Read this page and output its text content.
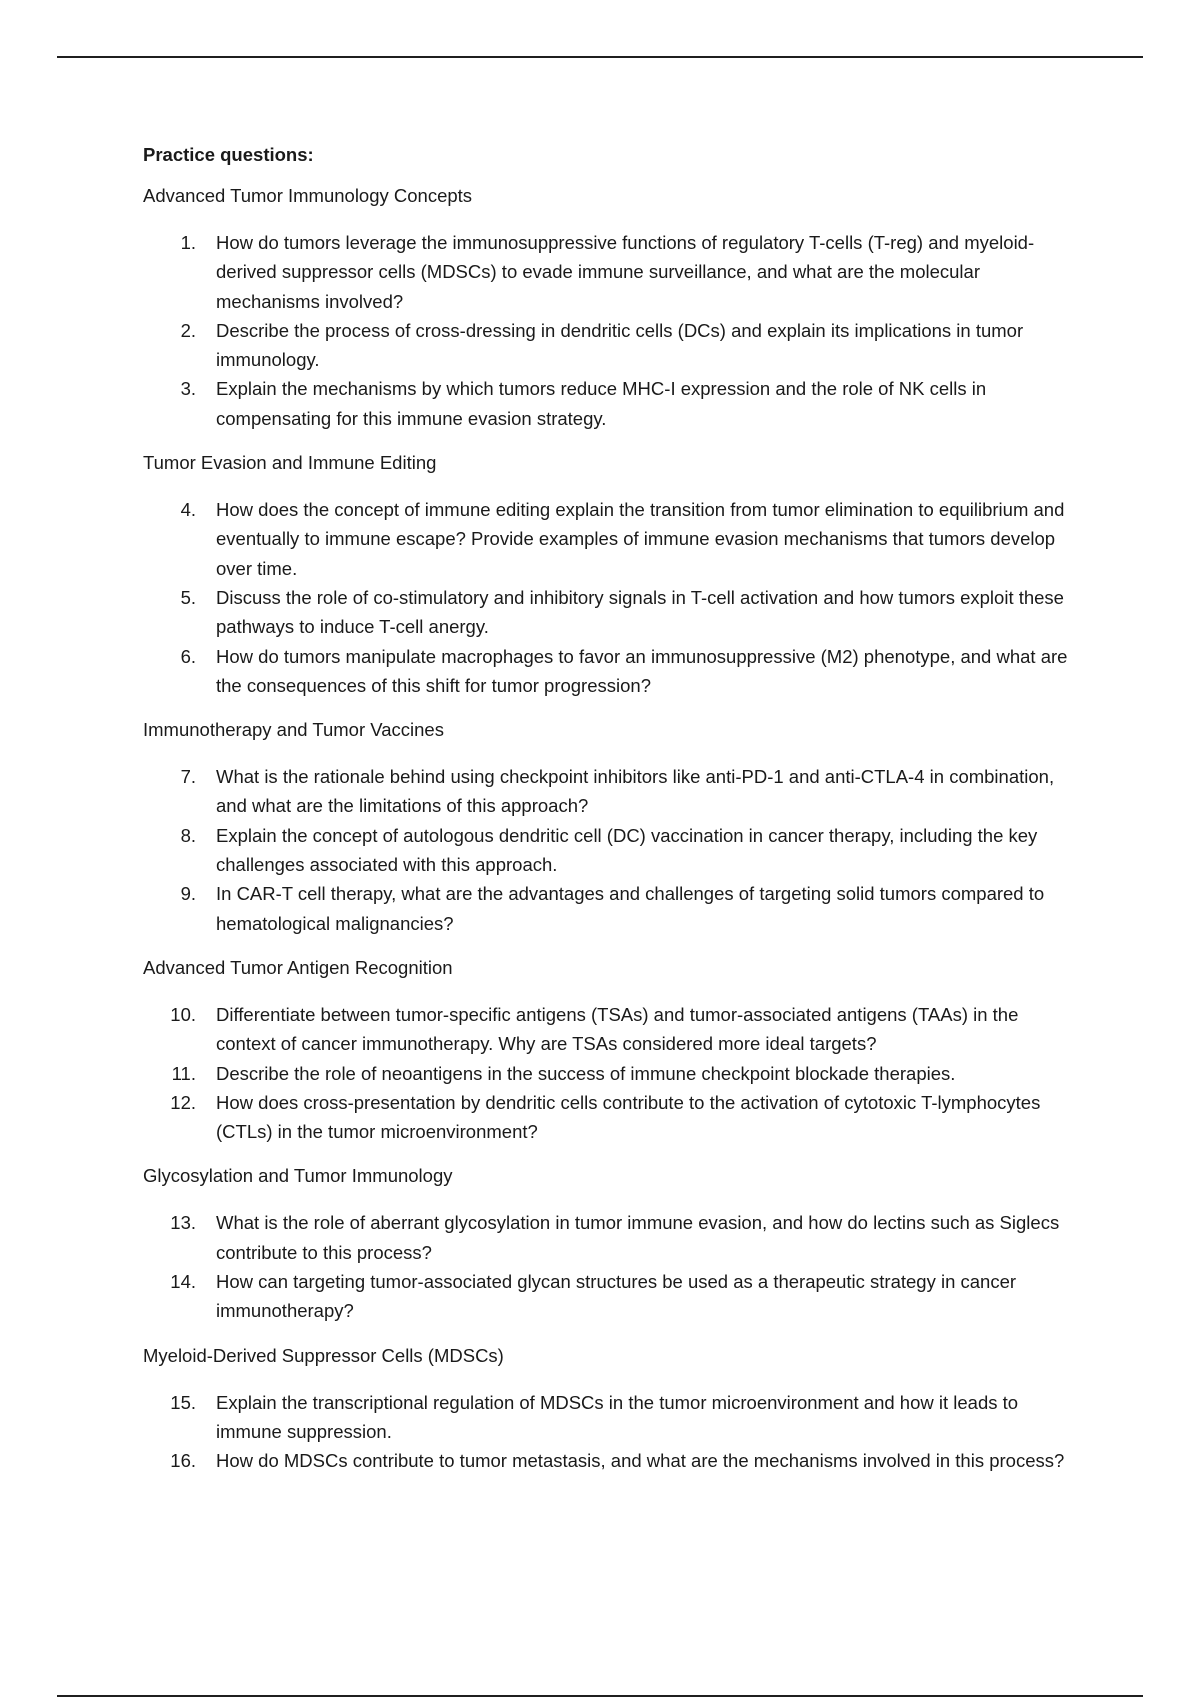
Practice questions:
Advanced Tumor Immunology Concepts
1. How do tumors leverage the immunosuppressive functions of regulatory T-cells (T-reg) and myeloid-derived suppressor cells (MDSCs) to evade immune surveillance, and what are the molecular mechanisms involved?
2. Describe the process of cross-dressing in dendritic cells (DCs) and explain its implications in tumor immunology.
3. Explain the mechanisms by which tumors reduce MHC-I expression and the role of NK cells in compensating for this immune evasion strategy.
Tumor Evasion and Immune Editing
4. How does the concept of immune editing explain the transition from tumor elimination to equilibrium and eventually to immune escape? Provide examples of immune evasion mechanisms that tumors develop over time.
5. Discuss the role of co-stimulatory and inhibitory signals in T-cell activation and how tumors exploit these pathways to induce T-cell anergy.
6. How do tumors manipulate macrophages to favor an immunosuppressive (M2) phenotype, and what are the consequences of this shift for tumor progression?
Immunotherapy and Tumor Vaccines
7. What is the rationale behind using checkpoint inhibitors like anti-PD-1 and anti-CTLA-4 in combination, and what are the limitations of this approach?
8. Explain the concept of autologous dendritic cell (DC) vaccination in cancer therapy, including the key challenges associated with this approach.
9. In CAR-T cell therapy, what are the advantages and challenges of targeting solid tumors compared to hematological malignancies?
Advanced Tumor Antigen Recognition
10. Differentiate between tumor-specific antigens (TSAs) and tumor-associated antigens (TAAs) in the context of cancer immunotherapy. Why are TSAs considered more ideal targets?
11. Describe the role of neoantigens in the success of immune checkpoint blockade therapies.
12. How does cross-presentation by dendritic cells contribute to the activation of cytotoxic T-lymphocytes (CTLs) in the tumor microenvironment?
Glycosylation and Tumor Immunology
13. What is the role of aberrant glycosylation in tumor immune evasion, and how do lectins such as Siglecs contribute to this process?
14. How can targeting tumor-associated glycan structures be used as a therapeutic strategy in cancer immunotherapy?
Myeloid-Derived Suppressor Cells (MDSCs)
15. Explain the transcriptional regulation of MDSCs in the tumor microenvironment and how it leads to immune suppression.
16. How do MDSCs contribute to tumor metastasis, and what are the mechanisms involved in this process?
